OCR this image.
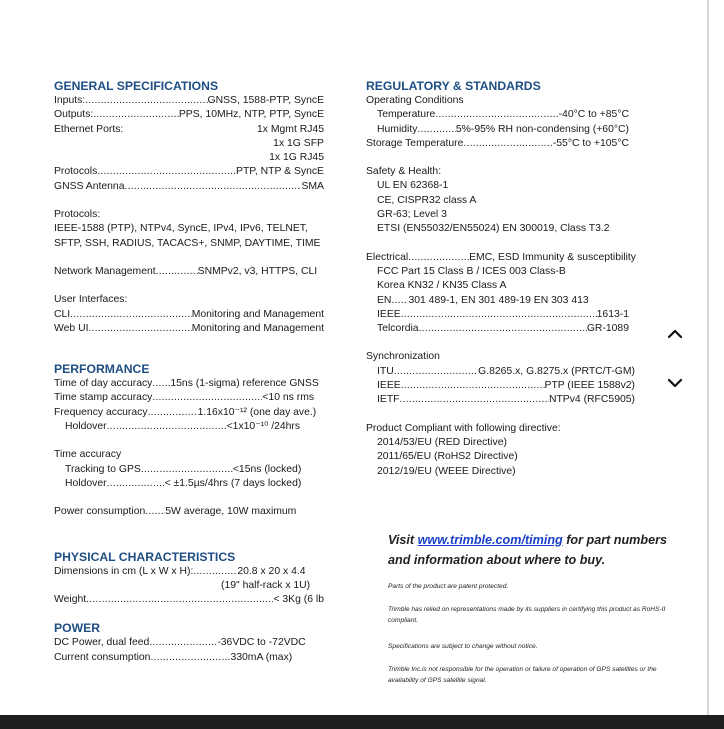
GENERAL SPECIFICATIONS
Inputs: .....	GNSS, 1588-PTP, SyncE
Outputs: .....	PPS, 10MHz, NTP, PTP, SyncE
Ethernet Ports:	1x Mgmt RJ45
1x 1G SFP
1x 1G RJ45
Protocols .....	PTP, NTP & SyncE
GNSS Antenna .....	SMA
Protocols:
IEEE-1588 (PTP), NTPv4, SyncE, IPv4, IPv6, TELNET,
SFTP, SSH, RADIUS, TACACS+, SNMP, DAYTIME, TIME
Network Management .....	SNMPv2, v3, HTTPS, CLI
User Interfaces:
CLI .....	Monitoring and Management
Web UI .....	Monitoring and Management
PERFORMANCE
Time of day accuracy ..... 15ns (1-sigma) reference GNSS
Time stamp accuracy .....	<10 ns rms
Frequency accuracy .....	1.16x10⁻¹² (one day ave.)
Holdover .....	<1x10⁻¹⁰ /24hrs
Time accuracy
Tracking to GPS .....	<15ns (locked)
Holdover .....	< ±1.5µs/4hrs (7 days locked)
Power consumption ..... 5W average, 10W maximum
PHYSICAL CHARACTERISTICS
Dimensions in cm (L x W x H): .....	20.8 x 20 x 4.4
(19" half-rack x 1U)
Weight .....	< 3Kg (6 lb
POWER
DC Power, dual feed .....	-36VDC to -72VDC
Current consumption .....	330mA (max)
REGULATORY & STANDARDS
Operating Conditions
Temperature .....	-40°C to +85°C
Humidity .....	5%-95% RH non-condensing (+60°C)
Storage Temperature .....	-55°C to +105°C
Safety & Health:
UL EN 62368-1
CE, CISPR32 class A
GR-63; Level 3
ETSI (EN55032/EN55024) EN 300019, Class T3.2
Electrical .....	EMC, ESD Immunity & susceptibility
FCC Part 15 Class B / ICES 003 Class-B
Korea KN32 / KN35 Class A
EN ..... 301 489-1, EN 301 489-19 EN 303 413
IEEE .....	1613-1
Telcordia .....	GR-1089
Synchronization
ITU .....	G.8265.x, G.8275.x (PRTC/T-GM)
IEEE .....	PTP (IEEE 1588v2)
IETF .....	NTPv4 (RFC5905)
Product Compliant with following directive:
2014/53/EU (RED Directive)
2011/65/EU (RoHS2 Directive)
2012/19/EU (WEEE Directive)
Visit www.trimble.com/timing for part numbers and information about where to buy.
Parts of the product are patent protected.
Trimble has relied on representations made by its suppliers in certifying this product as RoHS-II compliant.
Specifications are subject to change without notice.
Trimble Inc.is not responsible for the operation or failure of operation of GPS satellites or the availability of GPS satellite signal.
